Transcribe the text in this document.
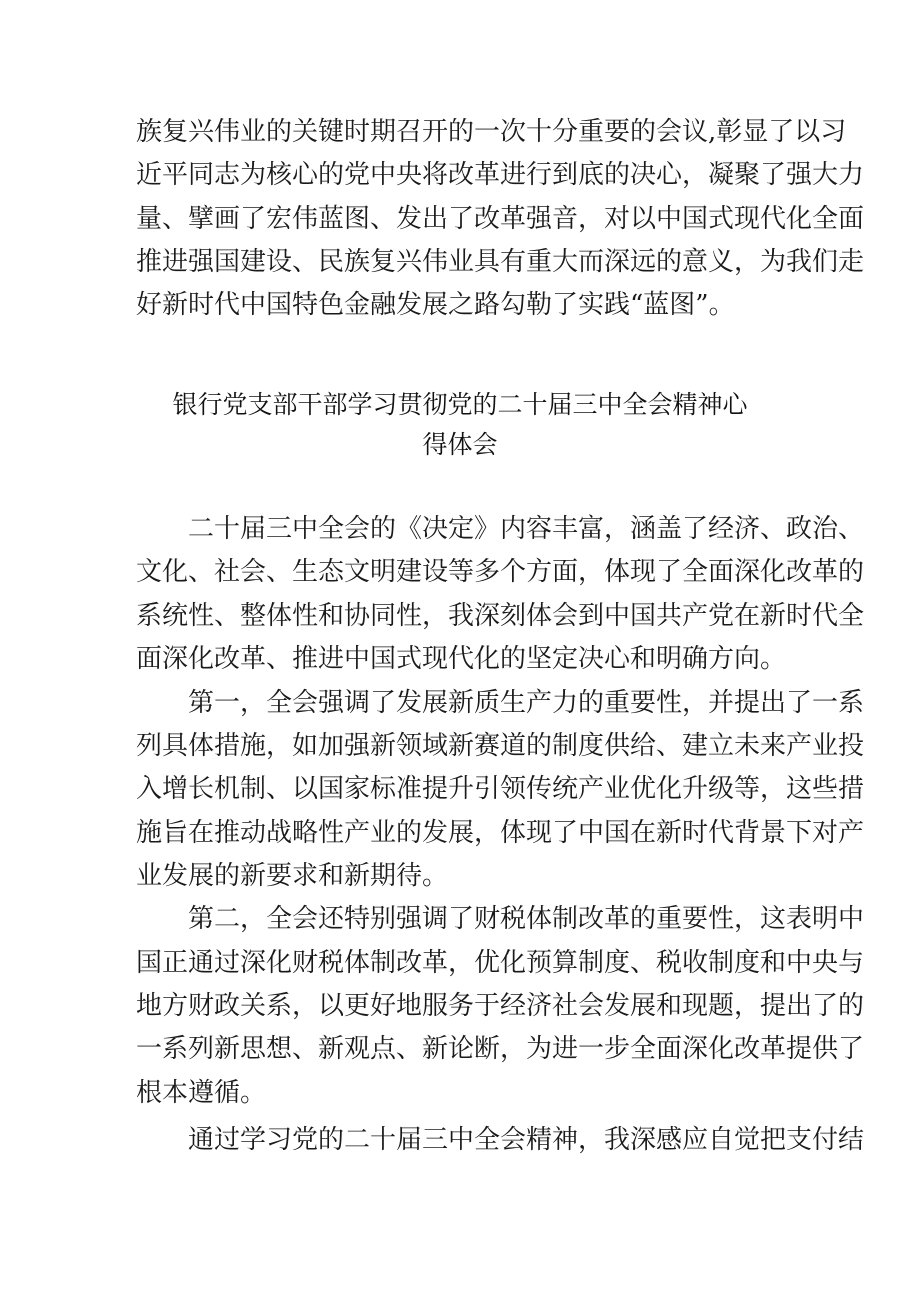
族复兴伟业的关键时期召开的一次十分重要的会议,彰显了以习
近平同志为核心的党中央将改革进行到底的决心，凝聚了强大力
量、擘画了宏伟蓝图、发出了改革强音，对以中国式现代化全面
推进强国建设、民族复兴伟业具有重大而深远的意义，为我们走
好新时代中国特色金融发展之路勾勒了实践“蓝图”。
银行党支部干部学习贯彻党的二十届三中全会精神心
得体会
二十届三中全会的《决定》内容丰富，涵盖了经济、政治、
文化、社会、生态文明建设等多个方面，体现了全面深化改革的
系统性、整体性和协同性，我深刻体会到中国共产党在新时代全
面深化改革、推进中国式现代化的坚定决心和明确方向。
第一，全会强调了发展新质生产力的重要性，并提出了一系
列具体措施，如加强新领域新赛道的制度供给、建立未来产业投
入增长机制、以国家标准提升引领传统产业优化升级等，这些措
施旨在推动战略性产业的发展，体现了中国在新时代背景下对产
业发展的新要求和新期待。
第二，全会还特别强调了财税体制改革的重要性，这表明中
国正通过深化财税体制改革，优化预算制度、税收制度和中央与
地方财政关系，以更好地服务于经济社会发展和现题，提出了的
一系列新思想、新观点、新论断，为进一步全面深化改革提供了
根本遵循。
通过学习党的二十届三中全会精神，我深感应自觉把支付结
